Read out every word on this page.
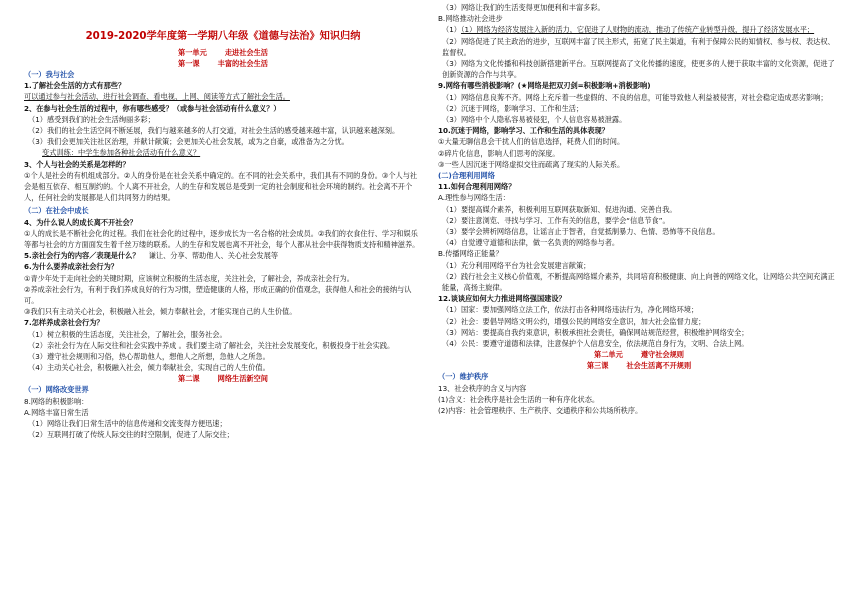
2019-2020学年度第一学期八年级《道德与法治》知识归纳
第一单元	走进社会生活
第一课	丰富的社会生活
（一）我与社会
1.了解社会生活的方式有那些？
可以通过参与社会活动、进行社会调查、看电视、上网、阅读等方式了解社会生活。
2、在参与社会生活的过程中，你有哪些感受？（或参与社会活动有什么意义？）
（1）感受到我们的社会生活绚丽多彩；
（2）我们的社会生活空间不断延展，我们与越来越多的人打交道，对社会生活的感受越来越丰富，认识越来越深刻。
（3）我们会更加关注社区治理，并献计献策；会更加关心社会发展，或为之自豪，或准备为之分忧。
变式训练：中学生参加各种社会活动有什么意义？
3、个人与社会的关系是怎样的？
①个人是社会的有机组成部分。②人的身份是在社会关系中确定的。在不同的社会关系中，我们具有不同的身份。③个人与社会是相互依存、相互制约的。个人离不开社会，人的生存和发展总是受到一定的社会制度和社会环境的制约。社会离不开个人，任何社会的发展都是人们共同努力的结果。
（二）在社会中成长
4、为什么说人的成长离不开社会？
①人的成长是不断社会化的过程。我们在社会化的过程中，逐步成长为一名合格的社会成员。②我们的衣食住行、学习和娱乐等都与社会的方方面面发生着千丝万缕的联系。人的生存和发展也离不开社会，每个人都从社会中获得物质支持和精神滋养。
5.亲社会行为的内容／表现是什么？ 谦让、分享、帮助他人、关心社会发展等
6.为什么要养成亲社会行为？
①青少年处于走向社会的关键时期，应该树立积极的生活态度，关注社会，了解社会，养成亲社会行为。
②养成亲社会行为，有利于我们养成良好的行为习惯，塑造健康的人格，形成正确的价值观念，获得他人和社会的接纳与认可。
③我们只有主动关心社会，积极融入社会，倾力奉献社会，才能实现自己的人生价值。
7.怎样养成亲社会行为？
（1）树立积极的生活态度，关注社会，了解社会，服务社会。
（2）亲社会行为在人际交往和社会实践中养成 。我们要主动了解社会，关注社会发展变化，积极投身于社会实践。
（3）遵守社会规则和习俗，热心帮助他人，想他人之所想，急他人之所急。
（4）主动关心社会，积极融入社会，倾力奉献社会，实现自己的人生价值。
第二课	网络生活新空间
（一）网络改变世界
8.网络的积极影响：
A.网络丰富日常生活
（1）网络让我们日常生活中的信息传递和交流变得方便迅速；
（2）互联网打破了传统人际交往的时空限制，促进了人际交往；
（3）网络让我们的生活变得更加便利和丰富多彩。
B.网络推动社会进步
（1）（1）网络为经济发展注入新的活力，它促进了人财物的流动，推动了传统产业转型升级，提升了经济发展水平；
（2）网络促进了民主政治的进步，互联网丰富了民主形式，拓宽了民主渠道，有利于保障公民的知情权、参与权、表达权、监督权。
（3）网络为文化传播和科技创新搭建新平台。互联网提高了文化传播的速度，使更多的人便于获取丰富的文化资源，促进了创新资源的合作与共享。
9.网络有哪些消极影响？(★网络是把双刃剑=积极影响+消极影响)
（1）网络信息良莠不齐。网络上充斥着一些虚假的、不良的信息，可能导致他人利益被侵害，对社会稳定造成恶劣影响；
（2）沉迷于网络，影响学习、工作和生活；
（3）网络中个人隐私容易被侵犯，个人信息容易被泄露。
10.沉迷于网络，影响学习、工作和生活的具体表现？
①大量无聊信息会干扰人们的信息选择，耗费人们的时间。
②碎片化信息，影响人们思考的深度。
③一些人因沉迷于网络虚拟交往而疏离了现实的人际关系。
(二)合理利用网络
11.如何合理利用网络？
A.理性参与网络生活：
（1）要提高媒介素养，积极利用互联网获取新知、促进沟通、完善自我。
（2）要注意浏览、寻找与学习、工作有关的信息，要学会“信息节食”。
（3）要学会辨析网络信息，让谣言止于智者，自觉抵制暴力、色情、恐怖等不良信息。
（4）自觉遵守道德和法律，做一名负责的网络参与者。
B.传播网络正能量？
（1）充分利用网络平台为社会发展建言献策；
（2）践行社会主义核心价值观，不断提高网络媒介素养，共同培育积极健康、向上向善的网络文化，让网络公共空间充满正能量，高扬主旋律。
12.谈谈应如何大力推进网络强国建设？
（1）国家：要加强网络立法工作，依法打击各种网络违法行为，净化网络环境；
（2）社会：要倡导网络文明公约，增强公民的网络安全意识，加大社会监督力度；
（3）网站：要提高自我约束意识，积极承担社会责任，确保网站规范经营，积极维护网络安全；
（4）公民：要遵守道德和法律，注意保护个人信息安全，依法规范自身行为，文明、合法上网。
第二单元	遵守社会规则
第三课	社会生活离不开规则
（一）维护秩序
13、社会秩序的含义与内容
(1)含义：社会秩序是社会生活的一种有序化状态。
(2)内容：社会管理秩序、生产秩序、交通秩序和公共场所秩序。
